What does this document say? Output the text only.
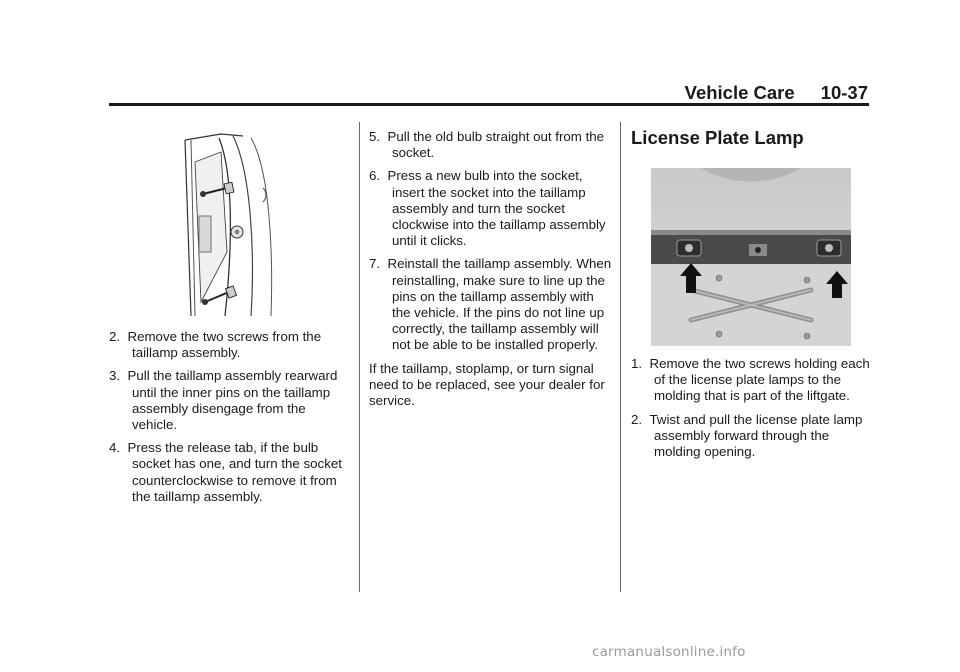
Vehicle Care 10-37
2. Remove the two screws from the taillamp assembly.
3. Pull the taillamp assembly rearward until the inner pins on the taillamp assembly disengage from the vehicle.
4. Press the release tab, if the bulb socket has one, and turn the socket counterclockwise to remove it from the taillamp assembly.
5. Pull the old bulb straight out from the socket.
6. Press a new bulb into the socket, insert the socket into the taillamp assembly and turn the socket clockwise into the taillamp assembly until it clicks.
7. Reinstall the taillamp assembly. When reinstalling, make sure to line up the pins on the taillamp assembly with the vehicle. If the pins do not line up correctly, the taillamp assembly will not be able to be installed properly.

If the taillamp, stoplamp, or turn signal need to be replaced, see your dealer for service.

License Plate Lamp
1. Remove the two screws holding each of the license plate lamps to the molding that is part of the liftgate.
2. Twist and pull the license plate lamp assembly forward through the molding opening.
carmanualsonline.info
